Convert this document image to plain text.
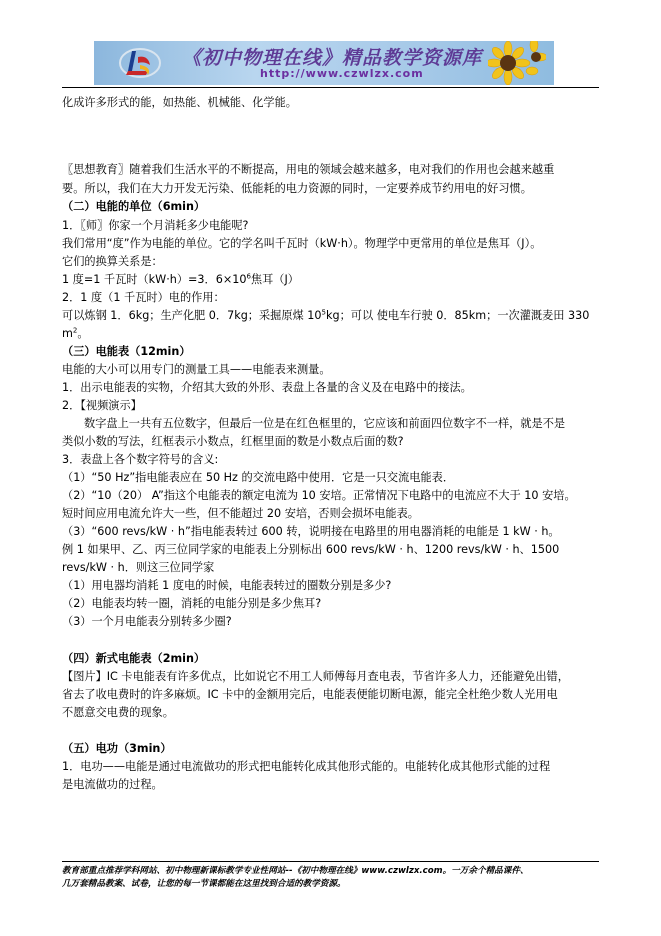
《初中物理在线》精品教学资源库
http://www.czwlzx.com
化成许多形式的能，如热能、机械能、化学能。
〖思想教育〗随着我们生活水平的不断提高，用电的领域会越来越多，电对我们的作用也会越来越重
要。所以，我们在大力开发无污染、低能耗的电力资源的同时，一定要养成节约用电的好习惯。
（二）电能的单位（6min）
1．〖师〗你家一个月消耗多少电能呢?
我们常用“度”作为电能的单位。它的学名叫千瓦时（kW·h）。物理学中更常用的单位是焦耳（J）。
它们的换算关系是：
1 度=1 千瓦时（kW·h）=3．$6\times 10^6$焦耳（J）
2．1 度（1 千瓦时）电的作用：
可以炼钢 1．6kg；生产化肥 0．7kg；采掘原煤 $10^5kg$；可以 使电车行驶 0．85km；一次灌溉麦田 330
$m^2$。
（三）电能表（12min）
电能的大小可以用专门的测量工具——电能表来测量。
1．出示电能表的实物，介绍其大致的外形、表盘上各量的含义及在电路中的接法。
2．【视频演示】
数字盘上一共有五位数字，但最后一位是在红色框里的，它应该和前面四位数字不一样，就是不是
类似小数的写法，红框表示小数点，红框里面的数是小数点后面的数?
3．表盘上各个数字符号的含义:
（1）“50 Hz”指电能表应在 50 Hz 的交流电路中使用．它是一只交流电能表．
（2）“10（20） A”指这个电能表的额定电流为 10 安培。正常情况下电路中的电流应不大于 10 安培。
短时间应用电流允许大一些，但不能超过 20 安培，否则会损坏电能表。
（3）“600 revs/kW · h”指电能表转过 600 转，说明接在电路里的用电器消耗的电能是 1 kW · h。
例 1 如果甲、乙、丙三位同学家的电能表上分别标出 600 revs/kW · h、1200 revs/kW · h、1500
revs/kW · h．则这三位同学家
（1）用电器均消耗 1 度电的时候，电能表转过的圈数分别是多少?
（2）电能表均转一圈，消耗的电能分别是多少焦耳?
（3）一个月电能表分别转多少圈?
（四）新式电能表（2min）
【图片】IC 卡电能表有许多优点，比如说它不用工人师傅每月查电表，节省许多人力，还能避免出错，
省去了收电费时的许多麻烦。IC 卡中的金额用完后，电能表便能切断电源，能完全杜绝少数人光用电
不愿意交电费的现象。
（五）电功（3min）
1．电功——电能是通过电流做功的形式把电能转化成其他形式能的。电能转化成其他形式能的过程
是电流做功的过程。
教育部重点推荐学科网站、初中物理新课标教学专业性网站--《初中物理在线》www.czwlzx.com。一万余个精品课件、
几万套精品教案、试卷，让您的每一节课都能在这里找到合适的教学资源。
